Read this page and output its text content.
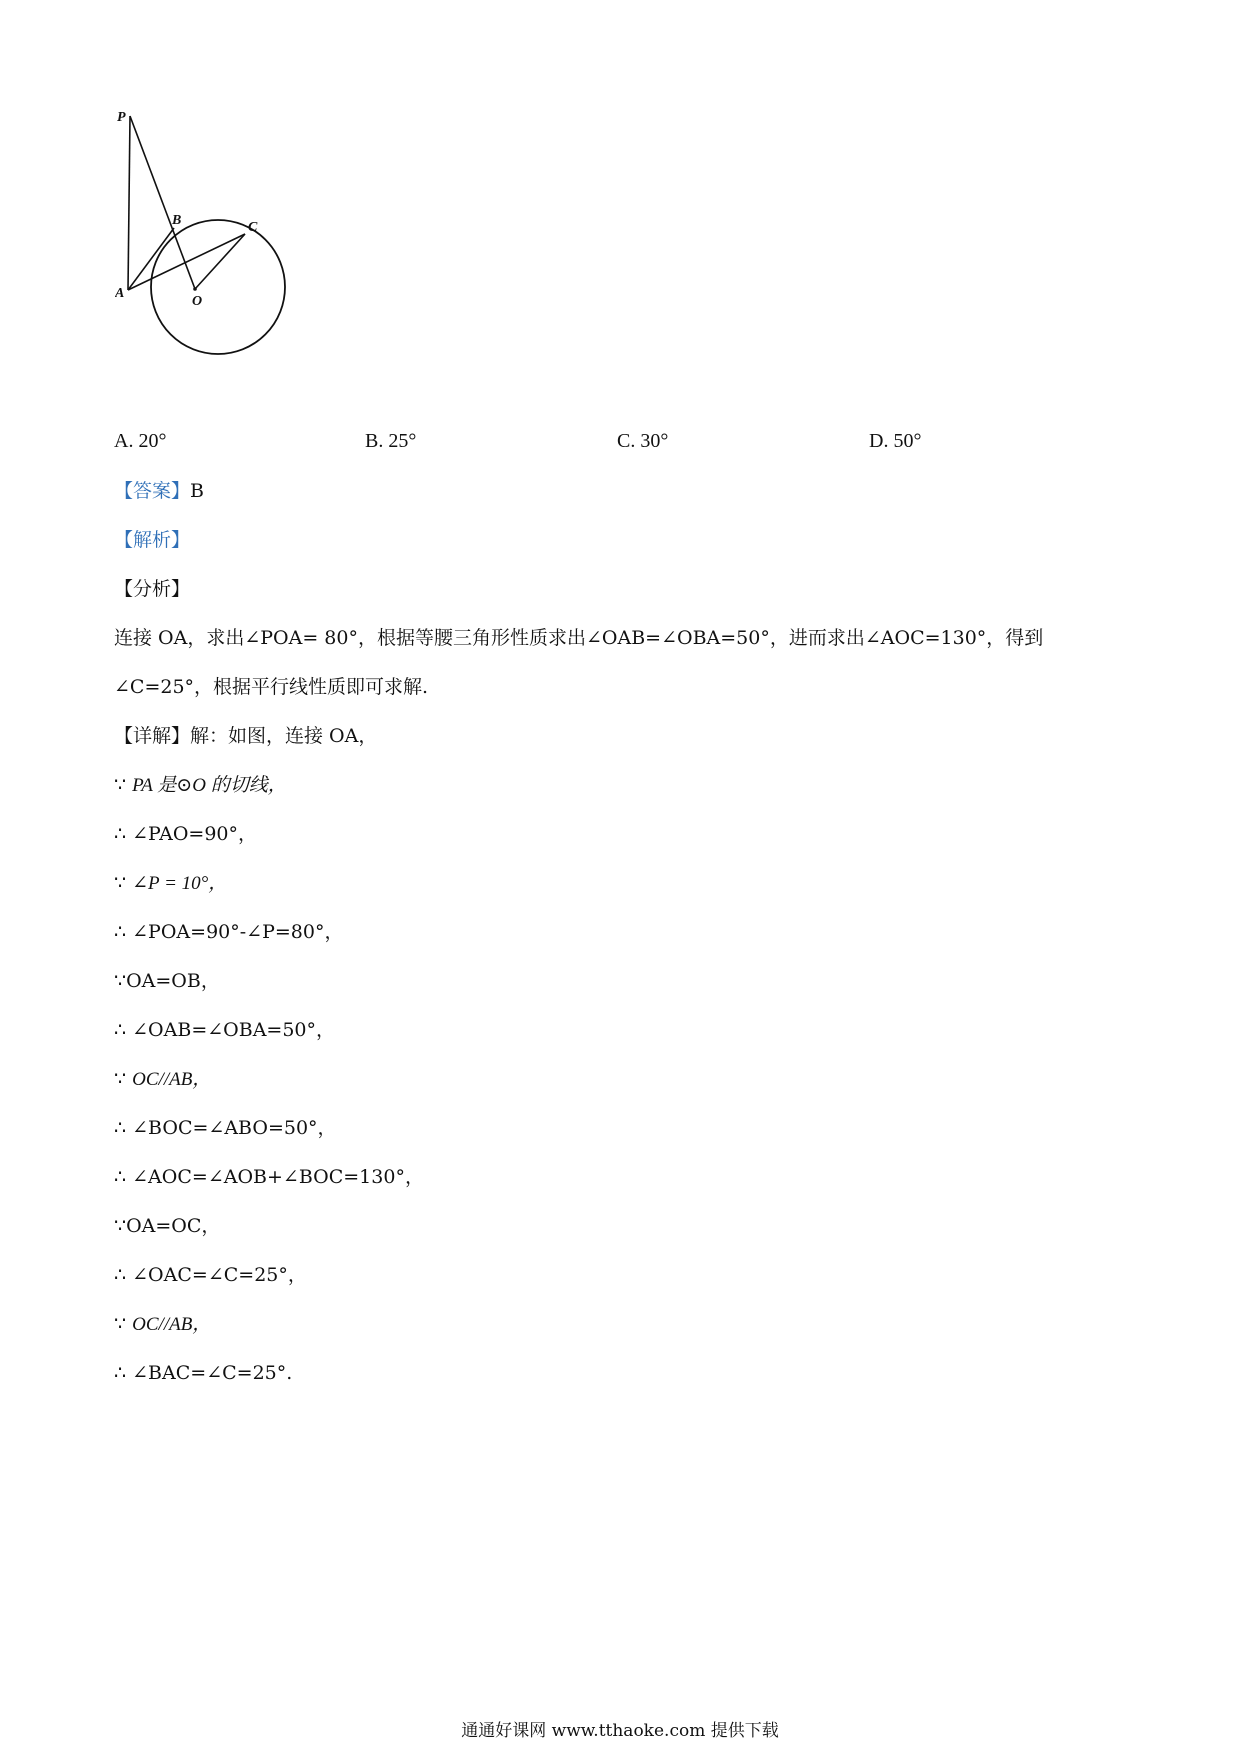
P
B	C
A
O
A. 20°	B. 25°	C. 30°	D. 50°
【答案】B
【解析】
【分析】
连接 OA，求出∠POA= 80°，根据等腰三角形性质求出∠OAB=∠OBA=50°，进而求出∠AOC=130°，得到
∠C=25°，根据平行线性质即可求解.
【详解】解：如图，连接 OA，
∵ PA 是⊙O 的切线，
∴ ∠PAO=90°，
∵ ∠P = 10°，
∴ ∠POA=90°-∠P=80°，
∵OA=OB，
∴ ∠OAB=∠OBA=50°，
∵ OC//AB，
∴ ∠BOC=∠ABO=50°，
∴ ∠AOC=∠AOB+∠BOC=130°，
∵OA=OC，
∴ ∠OAC=∠C=25°，
∵ OC//AB，
∴ ∠BAC=∠C=25°.
通通好课网 www.tthaoke.com 提供下载
